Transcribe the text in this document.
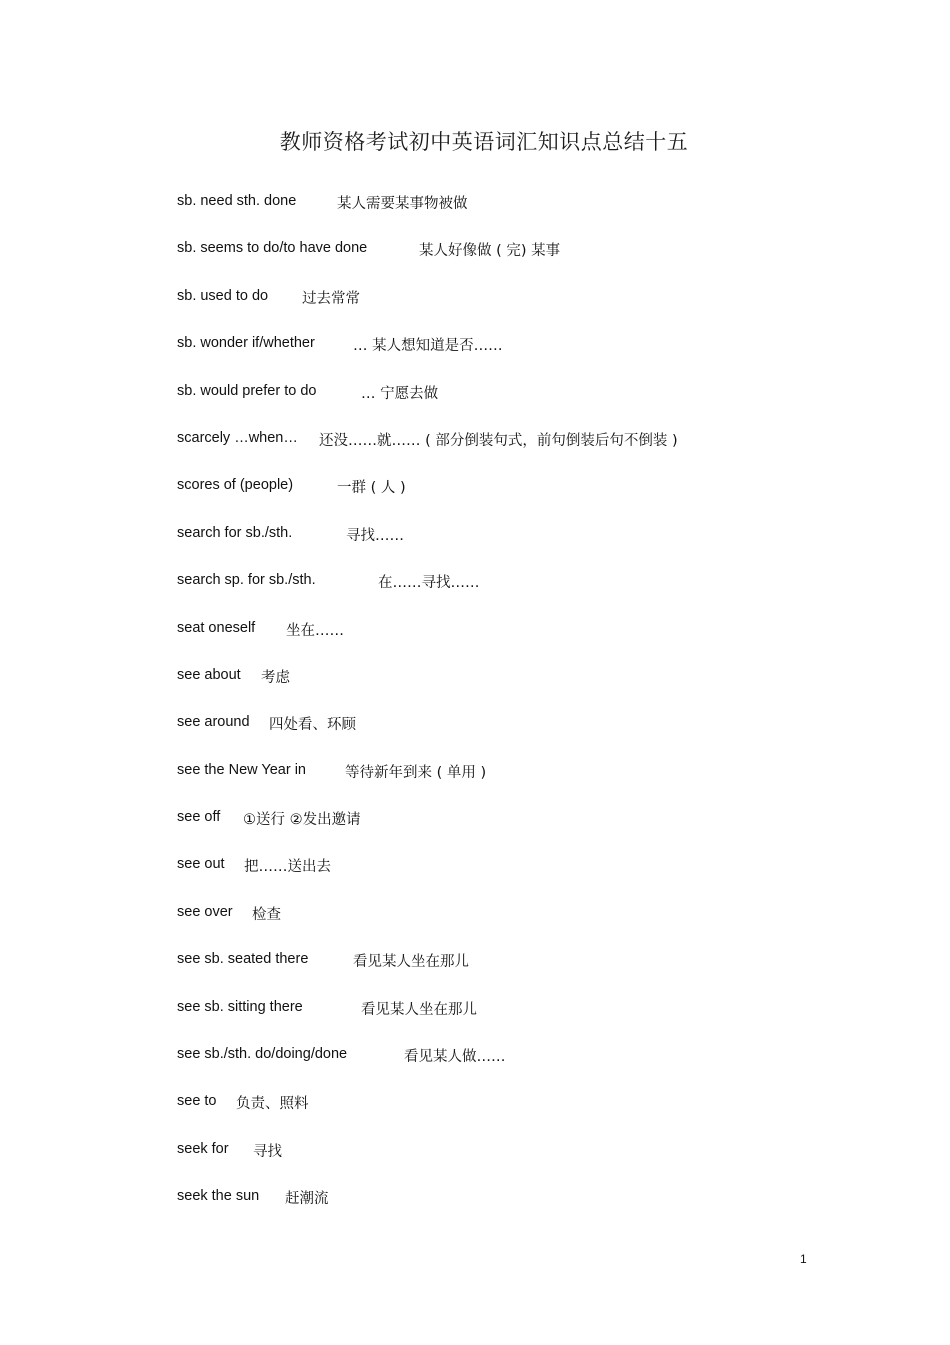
教师资格考试初中英语词汇知识点总结十五
sb. need sth. done	某人需要某事物被做
sb. seems to do/to have done	某人好像做 ( 完) 某事
sb. used to do 过去常常
sb. wonder if/whether	… 某人想知道是否……
sb. would prefer to do	… 宁愿去做
scarcely …when… 还没……就…… ( 部分倒装句式，前句倒装后句不倒装 )
scores of (people)	一群 ( 人 )
search for sb./sth.	寻找……
search sp. for sb./sth.	在……寻找……
seat oneself 坐在……
see about 考虑
see around 四处看、环顾
see the New Year in	等待新年到来 ( 单用 )
see off ①送行 ②发出邀请
see out 把……送出去
see over 检查
see sb. seated there	看见某人坐在那儿
see sb. sitting there	看见某人坐在那儿
see sb./sth. do/doing/done	看见某人做……
see to 负责、照料
seek for 寻找
seek the sun 赶潮流
1
